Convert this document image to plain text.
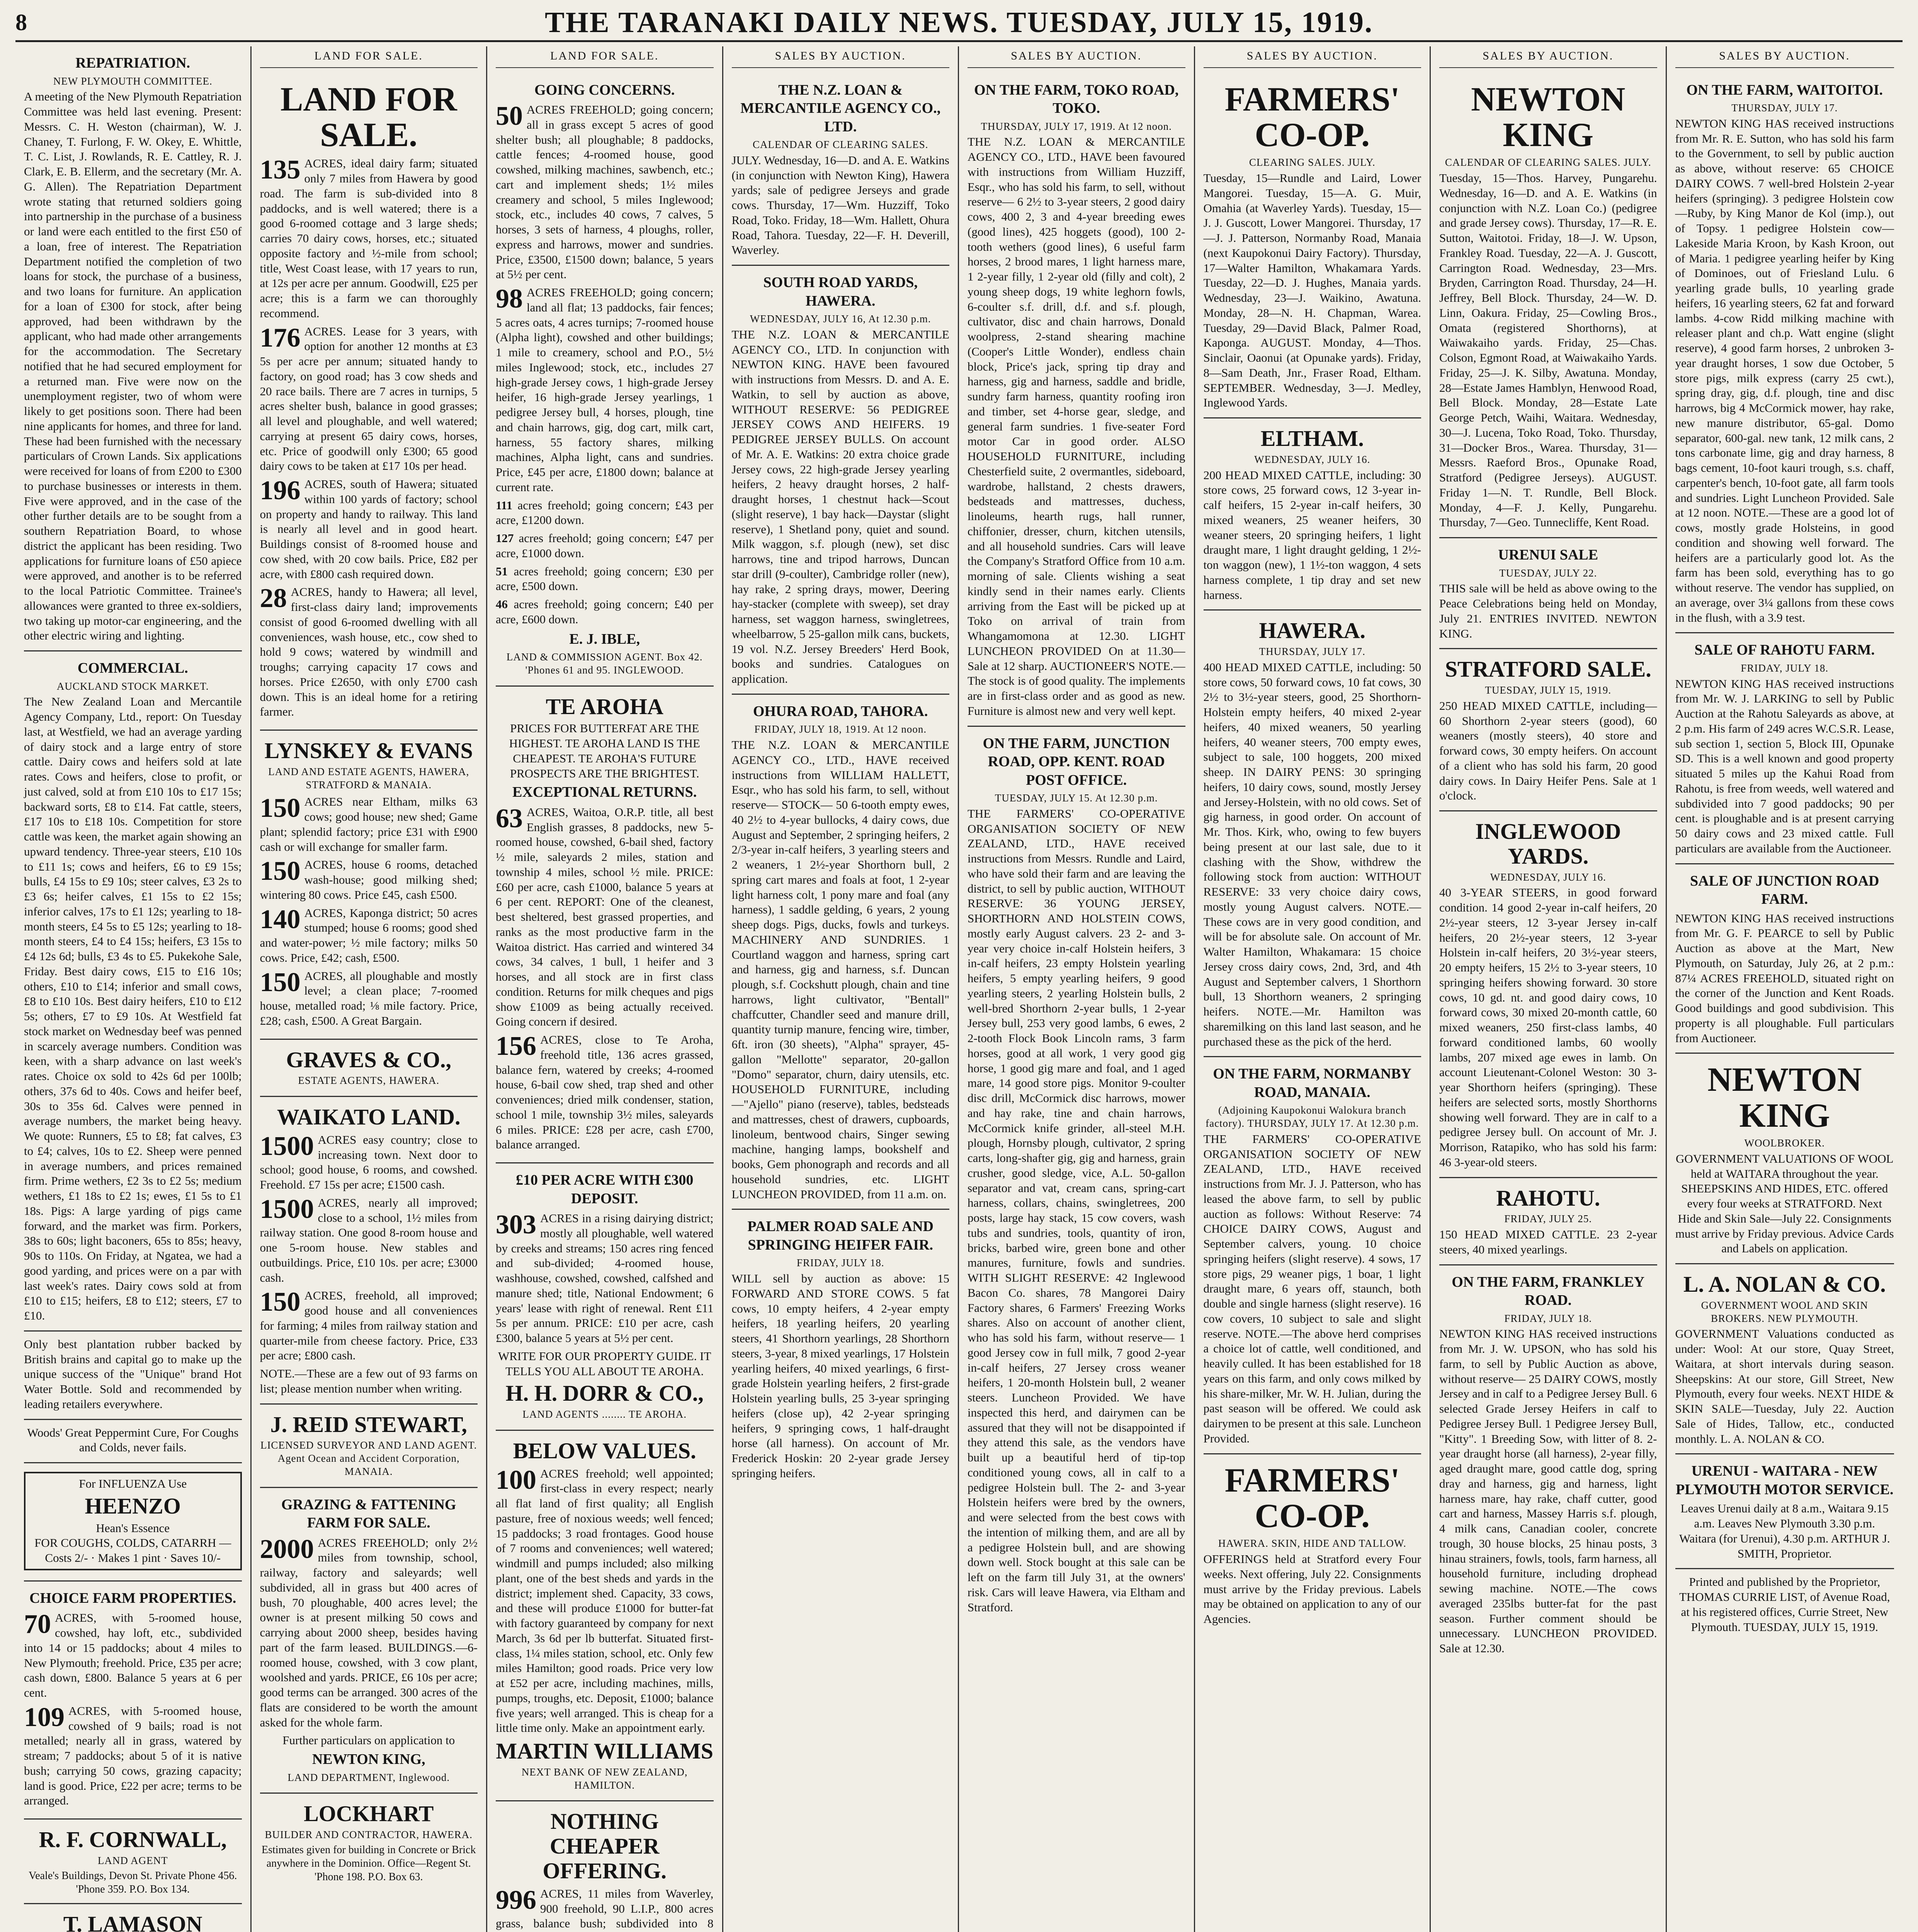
8	THE TARANAKI DAILY NEWS. TUESDAY, JULY 15, 1919.
REPATRIATION.
NEW PLYMOUTH COMMITTEE.
A meeting of the New Plymouth Repatriation Committee was held last evening. Present: Messrs. C. H. Weston (chairman), W. J. Chaney, T. Furlong, F. W. Okey, E. Whittle, T. C. List, J. Rowlands, R. E. Cattley, R. J. Clark, E. B. Ellerm, and the secretary (Mr. A. G. Allen). The Repatriation Department wrote stating that returned soldiers going into partnership in the purchase of a business or land were each entitled to the first £50 of a loan, free of interest. The Repatriation Department notified the completion of two loans for stock, the purchase of a business, and two loans for furniture. An application for a loan of £300 for stock, after being approved, had been withdrawn by the applicant, who had made other arrangements for the accommodation. The Secretary notified that he had secured employment for a returned man. Five were now on the unemployment register, two of whom were likely to get positions soon. There had been nine applicants for homes, and three for land. These had been furnished with the necessary particulars of Crown Lands. Six applications were received for loans of from £200 to £300 to purchase businesses or interests in them. Five were approved, and in the case of the other further details are to be sought from a southern Repatriation Board, to whose district the applicant has been residing. Two applications for furniture loans of £50 apiece were approved, and another is to be referred to the local Patriotic Committee. Trainee's allowances were granted to three ex-soldiers, two taking up motor-car engineering, and the other electric wiring and lighting.
COMMERCIAL.
AUCKLAND STOCK MARKET.
The New Zealand Loan and Mercantile Agency Company, Ltd., report: On Tuesday last, at Westfield, we had an average yarding of dairy stock and a large entry of store cattle. Dairy cows and heifers sold at late rates. Cows and heifers, close to profit, or just calved, sold at from £10 10s to £17 15s; backward sorts, £8 to £14. Fat cattle, steers, £17 10s to £18 10s. Competition for store cattle was keen, the market again showing an upward tendency. Three-year steers, £10 10s to £11 1s; cows and heifers, £6 to £9 15s; bulls, £4 15s to £9 10s; steer calves, £3 2s to £3 6s; heifer calves, £1 15s to £2 15s; inferior calves, 17s to £1 12s; yearling to 18-month steers, £4 5s to £5 12s; yearling to 18-month steers, £4 to £4 15s; heifers, £3 15s to £4 12s 6d; bulls, £3 4s to £5. Pukekohe Sale, Friday. Best dairy cows, £15 to £16 10s; others, £10 to £14; inferior and small cows, £8 to £10 10s. Best dairy heifers, £10 to £12 5s; others, £7 to £9 10s. At Westfield fat stock market on Wednesday beef was penned in scarcely average numbers. Condition was keen, with a sharp advance on last week's rates. Choice ox sold to 42s 6d per 100lb; others, 37s 6d to 40s. Cows and heifer beef, 30s to 35s 6d. Calves were penned in average numbers, the market being heavy. We quote: Runners, £5 to £8; fat calves, £3 to £4; calves, 10s to £2. Sheep were penned in average numbers, and prices remained firm. Prime wethers, £2 3s to £2 5s; medium wethers, £1 18s to £2 1s; ewes, £1 5s to £1 18s. Pigs: A large yarding of pigs came forward, and the market was firm. Porkers, 38s to 60s; light baconers, 65s to 85s; heavy, 90s to 110s. On Friday, at Ngatea, we had a good yarding, and prices were on a par with last week's rates. Dairy cows sold at from £10 to £15; heifers, £8 to £12; steers, £7 to £10.
Only best plantation rubber backed by British brains and capital go to make up the unique success of the "Unique" brand Hot Water Bottle. Sold and recommended by leading retailers everywhere.
Woods' Great Peppermint Cure, For Coughs and Colds, never fails.
For INFLUENZA Use
HEENZO
Hean's Essence
FOR COUGHS, COLDS, CATARRH — Costs 2/- · Makes 1 pint · Saves 10/-
CHOICE FARM PROPERTIES.
70 ACRES, with 5-roomed house, cowshed, hay loft, etc., subdivided into 14 or 15 paddocks; about 4 miles to New Plymouth; freehold. Price, £35 per acre; cash down, £800. Balance 5 years at 6 per cent.
109 ACRES, with 5-roomed house, cowshed of 9 bails; road is not metalled; nearly all in grass, watered by stream; 7 paddocks; about 5 of it is native bush; carrying 50 cows, grazing capacity; land is good. Price, £22 per acre; terms to be arranged.
R. F. CORNWALL,
LAND AGENT
Veale's Buildings, Devon St. Private Phone 456. 'Phone 359. P.O. Box 134.
T. LAMASON
LAND FOR SALE.
LAND FOR SALE.
135 ACRES, ideal dairy farm; situated only 7 miles from Hawera by good road. The farm is sub-divided into 8 paddocks, and is well watered; there is a good 6-roomed cottage and 3 large sheds; carries 70 dairy cows, horses, etc.; situated opposite factory and ½-mile from school; title, West Coast lease, with 17 years to run, at 12s per acre per annum. Goodwill, £25 per acre; this is a farm we can thoroughly recommend.
176 ACRES. Lease for 3 years, with option for another 12 months at £3 5s per acre per annum; situated handy to factory, on good road; has 3 cow sheds and 20 race bails. There are 7 acres in turnips, 5 acres shelter bush, balance in good grasses; all level and ploughable, and well watered; carrying at present 65 dairy cows, horses, etc. Price of goodwill only £300; 65 good dairy cows to be taken at £17 10s per head.
196 ACRES, south of Hawera; situated within 100 yards of factory; school on property and handy to railway. This land is nearly all level and in good heart. Buildings consist of 8-roomed house and cow shed, with 20 cow bails. Price, £82 per acre, with £800 cash required down.
28 ACRES, handy to Hawera; all level, first-class dairy land; improvements consist of good 6-roomed dwelling with all conveniences, wash house, etc., cow shed to hold 9 cows; watered by windmill and troughs; carrying capacity 17 cows and horses. Price £2650, with only £700 cash down. This is an ideal home for a retiring farmer.
LYNSKEY & EVANS
LAND AND ESTATE AGENTS, HAWERA, STRATFORD & MANAIA.
150 ACRES near Eltham, milks 63 cows; good house; new shed; Game plant; splendid factory; price £31 with £900 cash or will exchange for smaller farm.
150 ACRES, house 6 rooms, detached wash-house; good milking shed; wintering 80 cows. Price £45, cash £500.
140 ACRES, Kaponga district; 50 acres stumped; house 6 rooms; good shed and water-power; ½ mile factory; milks 50 cows. Price, £42; cash, £500.
150 ACRES, all ploughable and mostly level; a clean place; 7-roomed house, metalled road; ⅛ mile factory. Price, £28; cash, £500. A Great Bargain.
GRAVES & CO.,
ESTATE AGENTS, HAWERA.
WAIKATO LAND.
1500 ACRES easy country; close to increasing town. Next door to school; good house, 6 rooms, and cowshed. Freehold. £7 15s per acre; £1500 cash.
1500 ACRES, nearly all improved; close to a school, 1½ miles from railway station. One good 8-room house and one 5-room house. New stables and outbuildings. Price, £10 10s. per acre; £3000 cash.
150 ACRES, freehold, all improved; good house and all conveniences for farming; 4 miles from railway station and quarter-mile from cheese factory. Price, £33 per acre; £800 cash.
NOTE.—These are a few out of 93 farms on list; please mention number when writing.
J. REID STEWART,
LICENSED SURVEYOR AND LAND AGENT. Agent Ocean and Accident Corporation, MANAIA.
GRAZING & FATTENING FARM FOR SALE.
2000 ACRES FREEHOLD; only 2½ miles from township, school, railway, factory and saleyards; well subdivided, all in grass but 400 acres of bush, 70 ploughable, 400 acres level; the owner is at present milking 50 cows and carrying about 2000 sheep, besides having part of the farm leased. BUILDINGS.—6-roomed house, cowshed, with 3 cow plant, woolshed and yards. PRICE, £6 10s per acre; good terms can be arranged. 300 acres of the flats are considered to be worth the amount asked for the whole farm.
Further particulars on application to
NEWTON KING,
LAND DEPARTMENT, Inglewood.
LOCKHART
BUILDER AND CONTRACTOR, HAWERA.
Estimates given for building in Concrete or Brick anywhere in the Dominion. Office—Regent St. 'Phone 198. P.O. Box 63.
LAND FOR SALE.
GOING CONCERNS.
50 ACRES FREEHOLD; going concern; all in grass except 5 acres of good shelter bush; all ploughable; 8 paddocks, cattle fences; 4-roomed house, good cowshed, milking machines, sawbench, etc.; cart and implement sheds; 1½ miles creamery and school, 5 miles Inglewood; stock, etc., includes 40 cows, 7 calves, 5 horses, 3 sets of harness, 4 ploughs, roller, express and harrows, mower and sundries. Price, £3500, £1500 down; balance, 5 years at 5½ per cent.
98 ACRES FREEHOLD; going concern; land all flat; 13 paddocks, fair fences; 5 acres oats, 4 acres turnips; 7-roomed house (Alpha light), cowshed and other buildings; 1 mile to creamery, school and P.O., 5½ miles Inglewood; stock, etc., includes 27 high-grade Jersey cows, 1 high-grade Jersey heifer, 16 high-grade Jersey yearlings, 1 pedigree Jersey bull, 4 horses, plough, tine and chain harrows, gig, dog cart, milk cart, harness, 55 factory shares, milking machines, Alpha light, cans and sundries. Price, £45 per acre, £1800 down; balance at current rate.
111 acres freehold; going concern; £43 per acre, £1200 down.
127 acres freehold; going concern; £47 per acre, £1000 down.
51 acres freehold; going concern; £30 per acre, £500 down.
46 acres freehold; going concern; £40 per acre, £600 down.
E. J. IBLE,
LAND & COMMISSION AGENT. Box 42. 'Phones 61 and 95. INGLEWOOD.
TE AROHA
PRICES FOR BUTTERFAT ARE THE HIGHEST. TE AROHA LAND IS THE CHEAPEST. TE AROHA'S FUTURE PROSPECTS ARE THE BRIGHTEST.
EXCEPTIONAL RETURNS.
63 ACRES, Waitoa, O.R.P. title, all best English grasses, 8 paddocks, new 5-roomed house, cowshed, 6-bail shed, factory ½ mile, saleyards 2 miles, station and township 4 miles, school ½ mile. PRICE: £60 per acre, cash £1000, balance 5 years at 6 per cent. REPORT: One of the cleanest, best sheltered, best grassed properties, and ranks as the most productive farm in the Waitoa district. Has carried and wintered 34 cows, 34 calves, 1 bull, 1 heifer and 3 horses, and all stock are in first class condition. Returns for milk cheques and pigs show £1009 as being actually received. Going concern if desired.
156 ACRES, close to Te Aroha, freehold title, 136 acres grassed, balance fern, watered by creeks; 4-roomed house, 6-bail cow shed, trap shed and other conveniences; dried milk condenser, station, school 1 mile, township 3½ miles, saleyards 6 miles. PRICE: £28 per acre, cash £700, balance arranged.
£10 PER ACRE WITH £300 DEPOSIT.
303 ACRES in a rising dairying district; mostly all ploughable, well watered by creeks and streams; 150 acres ring fenced and sub-divided; 4-roomed house, washhouse, cowshed, cowshed, calfshed and manure shed; title, National Endowment; 6 years' lease with right of renewal. Rent £11 5s per annum. PRICE: £10 per acre, cash £300, balance 5 years at 5½ per cent.
WRITE FOR OUR PROPERTY GUIDE. IT TELLS YOU ALL ABOUT TE AROHA.
H. H. DORR & CO.,
LAND AGENTS ........ TE AROHA.
BELOW VALUES.
100 ACRES freehold; well appointed; first-class in every respect; nearly all flat land of first quality; all English pasture, free of noxious weeds; well fenced; 15 paddocks; 3 road frontages. Good house of 7 rooms and conveniences; well watered; windmill and pumps included; also milking plant, one of the best sheds and yards in the district; implement shed. Capacity, 33 cows, and these will produce £1000 for butter-fat with factory guaranteed by company for next March, 3s 6d per lb butterfat. Situated first-class, 1¼ miles station, school, etc. Only few miles Hamilton; good roads. Price very low at £52 per acre, including machines, mills, pumps, troughs, etc. Deposit, £1000; balance five years; well arranged. This is cheap for a little time only. Make an appointment early.
MARTIN WILLIAMS
NEXT BANK OF NEW ZEALAND, HAMILTON.
NOTHING CHEAPER OFFERING.
996 ACRES, 11 miles from Waverley, 900 freehold, 90 L.I.P., 800 acres grass, balance bush; subdivided into 8
SALES BY AUCTION.
THE N.Z. LOAN & MERCANTILE AGENCY CO., LTD.
CALENDAR OF CLEARING SALES.
JULY. Wednesday, 16—D. and A. E. Watkins (in conjunction with Newton King), Hawera yards; sale of pedigree Jerseys and grade cows. Thursday, 17—Wm. Huzziff, Toko Road, Toko. Friday, 18—Wm. Hallett, Ohura Road, Tahora. Tuesday, 22—F. H. Deverill, Waverley.
SOUTH ROAD YARDS, HAWERA.
WEDNESDAY, JULY 16, At 12.30 p.m.
THE N.Z. LOAN & MERCANTILE AGENCY CO., LTD. In conjunction with NEWTON KING. HAVE been favoured with instructions from Messrs. D. and A. E. Watkin, to sell by auction as above, WITHOUT RESERVE: 56 PEDIGREE JERSEY COWS AND HEIFERS. 19 PEDIGREE JERSEY BULLS. On account of Mr. A. E. Watkins: 20 extra choice grade Jersey cows, 22 high-grade Jersey yearling heifers, 2 heavy draught horses, 2 half-draught horses, 1 chestnut hack—Scout (slight reserve), 1 bay hack—Daystar (slight reserve), 1 Shetland pony, quiet and sound. Milk waggon, s.f. plough (new), set disc harrows, tine and tripod harrows, Duncan star drill (9-coulter), Cambridge roller (new), hay rake, 2 spring drays, mower, Deering hay-stacker (complete with sweep), set dray harness, set waggon harness, swingletrees, wheelbarrow, 5 25-gallon milk cans, buckets, 19 vol. N.Z. Jersey Breeders' Herd Book, books and sundries. Catalogues on application.
OHURA ROAD, TAHORA.
FRIDAY, JULY 18, 1919. At 12 noon.
THE N.Z. LOAN & MERCANTILE AGENCY CO., LTD., HAVE received instructions from WILLIAM HALLETT, Esqr., who has sold his farm, to sell, without reserve— STOCK— 50 6-tooth empty ewes, 40 2½ to 4-year bullocks, 4 dairy cows, due August and September, 2 springing heifers, 2 2/3-year in-calf heifers, 3 yearling steers and 2 weaners, 1 2½-year Shorthorn bull, 2 spring cart mares and foals at foot, 1 2-year light harness colt, 1 pony mare and foal (any harness), 1 saddle gelding, 6 years, 2 young sheep dogs. Pigs, ducks, fowls and turkeys. MACHINERY AND SUNDRIES. 1 Courtland waggon and harness, spring cart and harness, gig and harness, s.f. Duncan plough, s.f. Cockshutt plough, chain and tine harrows, light cultivator, "Bentall" chaffcutter, Chandler seed and manure drill, quantity turnip manure, fencing wire, timber, 6ft. iron (30 sheets), "Alpha" sprayer, 45-gallon "Mellotte" separator, 20-gallon "Domo" separator, churn, dairy utensils, etc. HOUSEHOLD FURNITURE, including—"Ajello" piano (reserve), tables, bedsteads and mattresses, chest of drawers, cupboards, linoleum, bentwood chairs, Singer sewing machine, hanging lamps, bookshelf and books, Gem phonograph and records and all household sundries, etc. LIGHT LUNCHEON PROVIDED, from 11 a.m. on.
PALMER ROAD SALE AND SPRINGING HEIFER FAIR.
FRIDAY, JULY 18.
WILL sell by auction as above: 15 FORWARD AND STORE COWS. 5 fat cows, 10 empty heifers, 4 2-year empty heifers, 18 yearling heifers, 20 yearling steers, 41 Shorthorn yearlings, 28 Shorthorn steers, 3-year, 8 mixed yearlings, 17 Holstein yearling heifers, 40 mixed yearlings, 6 first-grade Holstein yearling heifers, 2 first-grade Holstein yearling bulls, 25 3-year springing heifers (close up), 42 2-year springing heifers, 9 springing cows, 1 half-draught horse (all harness). On account of Mr. Frederick Hoskin: 20 2-year grade Jersey springing heifers.
SALES BY AUCTION.
ON THE FARM, TOKO ROAD, TOKO.
THURSDAY, JULY 17, 1919. At 12 noon.
THE N.Z. LOAN & MERCANTILE AGENCY CO., LTD., HAVE been favoured with instructions from William Huzziff, Esqr., who has sold his farm, to sell, without reserve— 6 2½ to 3-year steers, 2 good dairy cows, 400 2, 3 and 4-year breeding ewes (good lines), 425 hoggets (good), 100 2-tooth wethers (good lines), 6 useful farm horses, 2 brood mares, 1 light harness mare, 1 2-year filly, 1 2-year old (filly and colt), 2 young sheep dogs, 19 white leghorn fowls, 6-coulter s.f. drill, d.f. and s.f. plough, cultivator, disc and chain harrows, Donald woolpress, 2-stand shearing machine (Cooper's Little Wonder), endless chain block, Price's jack, spring tip dray and harness, gig and harness, saddle and bridle, sundry farm harness, quantity roofing iron and timber, set 4-horse gear, sledge, and general farm sundries. 1 five-seater Ford motor Car in good order. ALSO HOUSEHOLD FURNITURE, including Chesterfield suite, 2 overmantles, sideboard, wardrobe, hallstand, 2 chests drawers, bedsteads and mattresses, duchess, linoleums, hearth rugs, hall runner, chiffonier, dresser, churn, kitchen utensils, and all household sundries. Cars will leave the Company's Stratford Office from 10 a.m. morning of sale. Clients wishing a seat kindly send in their names early. Clients arriving from the East will be picked up at Toko on arrival of train from Whangamomona at 12.30. LIGHT LUNCHEON PROVIDED On at 11.30—Sale at 12 sharp. AUCTIONEER'S NOTE.—The stock is of good quality. The implements are in first-class order and as good as new. Furniture is almost new and very well kept.
ON THE FARM, JUNCTION ROAD, OPP. KENT. ROAD POST OFFICE.
TUESDAY, JULY 15. At 12.30 p.m.
THE FARMERS' CO-OPERATIVE ORGANISATION SOCIETY OF NEW ZEALAND, LTD., HAVE received instructions from Messrs. Rundle and Laird, who have sold their farm and are leaving the district, to sell by public auction, WITHOUT RESERVE: 36 YOUNG JERSEY, SHORTHORN AND HOLSTEIN COWS, mostly early August calvers. 23 2- and 3-year very choice in-calf Holstein heifers, 3 in-calf heifers, 23 empty Holstein yearling heifers, 5 empty yearling heifers, 9 good yearling steers, 2 yearling Holstein bulls, 2 well-bred Shorthorn 2-year bulls, 1 2-year Jersey bull, 253 very good lambs, 6 ewes, 2 2-tooth Flock Book Lincoln rams, 3 farm horses, good at all work, 1 very good gig horse, 1 good gig mare and foal, and 1 aged mare, 14 good store pigs. Monitor 9-coulter disc drill, McCormick disc harrows, mower and hay rake, tine and chain harrows, McCormick knife grinder, all-steel M.H. plough, Hornsby plough, cultivator, 2 spring carts, long-shafter gig, gig and harness, grain crusher, good sledge, vice, A.L. 50-gallon separator and vat, cream cans, spring-cart harness, collars, chains, swingletrees, 200 posts, large hay stack, 15 cow covers, wash tubs and sundries, tools, quantity of iron, bricks, barbed wire, green bone and other manures, furniture, fowls and sundries. WITH SLIGHT RESERVE: 42 Inglewood Bacon Co. shares, 78 Mangorei Dairy Factory shares, 6 Farmers' Freezing Works shares. Also on account of another client, who has sold his farm, without reserve— 1 good Jersey cow in full milk, 7 good 2-year in-calf heifers, 27 Jersey cross weaner heifers, 1 20-month Holstein bull, 2 weaner steers. Luncheon Provided. We have inspected this herd, and dairymen can be assured that they will not be disappointed if they attend this sale, as the vendors have built up a beautiful herd of tip-top conditioned young cows, all in calf to a pedigree Holstein bull. The 2- and 3-year Holstein heifers were bred by the owners, and were selected from the best cows with the intention of milking them, and are all by a pedigree Holstein bull, and are showing down well. Stock bought at this sale can be left on the farm till July 31, at the owners' risk. Cars will leave Hawera, via Eltham and Stratford.
SALES BY AUCTION.
FARMERS' CO-OP.
CLEARING SALES. JULY.
Tuesday, 15—Rundle and Laird, Lower Mangorei. Tuesday, 15—A. G. Muir, Omahia (at Waverley Yards). Tuesday, 15—J. J. Guscott, Lower Mangorei. Thursday, 17—J. J. Patterson, Normanby Road, Manaia (next Kaupokonui Dairy Factory). Thursday, 17—Walter Hamilton, Whakamara Yards. Tuesday, 22—D. J. Hughes, Manaia yards. Wednesday, 23—J. Waikino, Awatuna. Monday, 28—N. H. Chapman, Warea. Tuesday, 29—David Black, Palmer Road, Kaponga. AUGUST. Monday, 4—Thos. Sinclair, Oaonui (at Opunake yards). Friday, 8—Sam Death, Jnr., Fraser Road, Eltham. SEPTEMBER. Wednesday, 3—J. Medley, Inglewood Yards.
ELTHAM.
WEDNESDAY, JULY 16.
200 HEAD MIXED CATTLE, including: 30 store cows, 25 forward cows, 12 3-year in-calf heifers, 15 2-year in-calf heifers, 30 mixed weaners, 25 weaner heifers, 30 weaner steers, 20 springing heifers, 1 light draught mare, 1 light draught gelding, 1 2½-ton waggon (new), 1 1½-ton waggon, 4 sets harness complete, 1 tip dray and set new harness.
HAWERA.
THURSDAY, JULY 17.
400 HEAD MIXED CATTLE, including: 50 store cows, 50 forward cows, 10 fat cows, 30 2½ to 3½-year steers, good, 25 Shorthorn-Holstein empty heifers, 40 mixed 2-year heifers, 40 mixed weaners, 50 yearling heifers, 40 weaner steers, 700 empty ewes, subject to sale, 100 hoggets, 200 mixed sheep. IN DAIRY PENS: 30 springing heifers, 10 dairy cows, sound, mostly Jersey and Jersey-Holstein, with no old cows. Set of gig harness, in good order. On account of Mr. Thos. Kirk, who, owing to few buyers being present at our last sale, due to it clashing with the Show, withdrew the following stock from auction: WITHOUT RESERVE: 33 very choice dairy cows, mostly young August calvers. NOTE.—These cows are in very good condition, and will be for absolute sale. On account of Mr. Walter Hamilton, Whakamara: 15 choice Jersey cross dairy cows, 2nd, 3rd, and 4th August and September calvers, 1 Shorthorn bull, 13 Shorthorn weaners, 2 springing heifers. NOTE.—Mr. Hamilton was sharemilking on this land last season, and he purchased these as the pick of the herd.
ON THE FARM, NORMANBY ROAD, MANAIA.
(Adjoining Kaupokonui Walokura branch factory). THURSDAY, JULY 17. At 12.30 p.m.
THE FARMERS' CO-OPERATIVE ORGANISATION SOCIETY OF NEW ZEALAND, LTD., HAVE received instructions from Mr. J. J. Patterson, who has leased the above farm, to sell by public auction as follows: Without Reserve: 74 CHOICE DAIRY COWS, August and September calvers, young. 10 choice springing heifers (slight reserve). 4 sows, 17 store pigs, 29 weaner pigs, 1 boar, 1 light draught mare, 6 years off, staunch, both double and single harness (slight reserve). 16 cow covers, 10 subject to sale and slight reserve. NOTE.—The above herd comprises a choice lot of cattle, well conditioned, and heavily culled. It has been established for 18 years on this farm, and only cows milked by his share-milker, Mr. W. H. Julian, during the past season will be offered. We could ask dairymen to be present at this sale. Luncheon Provided.
FARMERS' CO-OP.
HAWERA. SKIN, HIDE AND TALLOW.
OFFERINGS held at Stratford every Four weeks. Next offering, July 22. Consignments must arrive by the Friday previous. Labels may be obtained on application to any of our Agencies.
SALES BY AUCTION.
NEWTON KING
CALENDAR OF CLEARING SALES. JULY.
Tuesday, 15—Thos. Harvey, Pungarehu. Wednesday, 16—D. and A. E. Watkins (in conjunction with N.Z. Loan Co.) (pedigree and grade Jersey cows). Thursday, 17—R. E. Sutton, Waitotoi. Friday, 18—J. W. Upson, Frankley Road. Tuesday, 22—A. J. Guscott, Carrington Road. Wednesday, 23—Mrs. Bryden, Carrington Road. Thursday, 24—H. Jeffrey, Bell Block. Thursday, 24—W. D. Linn, Oakura. Friday, 25—Cowling Bros., Omata (registered Shorthorns), at Waiwakaiho yards. Friday, 25—Chas. Colson, Egmont Road, at Waiwakaiho Yards. Friday, 25—J. K. Silby, Awatuna. Monday, 28—Estate James Hamblyn, Henwood Road, Bell Block. Monday, 28—Estate Late George Petch, Waihi, Waitara. Wednesday, 30—J. Lucena, Toko Road, Toko. Thursday, 31—Docker Bros., Warea. Thursday, 31—Messrs. Raeford Bros., Opunake Road, Stratford (Pedigree Jerseys). AUGUST. Friday 1—N. T. Rundle, Bell Block. Monday, 4—F. J. Kelly, Pungarehu. Thursday, 7—Geo. Tunnecliffe, Kent Road.
URENUI SALE
TUESDAY, JULY 22.
THIS sale will be held as above owing to the Peace Celebrations being held on Monday, July 21. ENTRIES INVITED. NEWTON KING.
STRATFORD SALE.
TUESDAY, JULY 15, 1919.
250 HEAD MIXED CATTLE, including— 60 Shorthorn 2-year steers (good), 60 weaners (mostly steers), 40 store and forward cows, 30 empty heifers. On account of a client who has sold his farm, 20 good dairy cows. In Dairy Heifer Pens. Sale at 1 o'clock.
INGLEWOOD YARDS.
WEDNESDAY, JULY 16.
40 3-YEAR STEERS, in good forward condition. 14 good 2-year in-calf heifers, 20 2½-year steers, 12 3-year Jersey in-calf heifers, 20 2½-year steers, 12 3-year Holstein in-calf heifers, 20 3½-year steers, 20 empty heifers, 15 2½ to 3-year steers, 10 springing heifers showing forward. 30 store cows, 10 gd. nt. and good dairy cows, 10 forward cows, 30 mixed 20-month cattle, 60 mixed weaners, 250 first-class lambs, 40 forward conditioned lambs, 60 woolly lambs, 207 mixed age ewes in lamb. On account Lieutenant-Colonel Weston: 30 3-year Shorthorn heifers (springing). These heifers are selected sorts, mostly Shorthorns showing well forward. They are in calf to a pedigree Jersey bull. On account of Mr. J. Morrison, Ratapiko, who has sold his farm: 46 3-year-old steers.
RAHOTU.
FRIDAY, JULY 25.
150 HEAD MIXED CATTLE. 23 2-year steers, 40 mixed yearlings.
ON THE FARM, FRANKLEY ROAD.
FRIDAY, JULY 18.
NEWTON KING HAS received instructions from Mr. J. W. UPSON, who has sold his farm, to sell by Public Auction as above, without reserve— 25 DAIRY COWS, mostly Jersey and in calf to a Pedigree Jersey Bull. 6 selected Grade Jersey Heifers in calf to Pedigree Jersey Bull. 1 Pedigree Jersey Bull, "Kitty". 1 Breeding Sow, with litter of 8. 2-year draught horse (all harness), 2-year filly, aged draught mare, good cattle dog, spring dray and harness, gig and harness, light harness mare, hay rake, chaff cutter, good cart and harness, Massey Harris s.f. plough, 4 milk cans, Canadian cooler, concrete trough, 30 house blocks, 25 hinau posts, 3 hinau strainers, fowls, tools, farm harness, all household furniture, including drophead sewing machine. NOTE.—The cows averaged 235lbs butter-fat for the past season. Further comment should be unnecessary. LUNCHEON PROVIDED. Sale at 12.30.
SALES BY AUCTION.
ON THE FARM, WAITOITOI.
THURSDAY, JULY 17.
NEWTON KING HAS received instructions from Mr. R. E. Sutton, who has sold his farm to the Government, to sell by public auction as above, without reserve: 65 CHOICE DAIRY COWS. 7 well-bred Holstein 2-year heifers (springing). 3 pedigree Holstein cow—Ruby, by King Manor de Kol (imp.), out of Topsy. 1 pedigree Holstein cow—Lakeside Maria Kroon, by Kash Kroon, out of Maria. 1 pedigree yearling heifer by King of Dominoes, out of Friesland Lulu. 6 yearling grade bulls, 10 yearling grade heifers, 16 yearling steers, 62 fat and forward lambs. 4-cow Ridd milking machine with releaser plant and ch.p. Watt engine (slight reserve), 4 good farm horses, 2 unbroken 3-year draught horses, 1 sow due October, 5 store pigs, milk express (carry 25 cwt.), spring dray, gig, d.f. plough, tine and disc harrows, big 4 McCormick mower, hay rake, new manure distributor, 65-gal. Domo separator, 600-gal. new tank, 12 milk cans, 2 tons carbonate lime, gig and dray harness, 8 bags cement, 10-foot kauri trough, s.s. chaff, carpenter's bench, 10-foot gate, all farm tools and sundries. Light Luncheon Provided. Sale at 12 noon. NOTE.—These are a good lot of cows, mostly grade Holsteins, in good condition and showing well forward. The heifers are a particularly good lot. As the farm has been sold, everything has to go without reserve. The vendor has supplied, on an average, over 3¼ gallons from these cows in the flush, with a 3.9 test.
SALE OF RAHOTU FARM.
FRIDAY, JULY 18.
NEWTON KING HAS received instructions from Mr. W. J. LARKING to sell by Public Auction at the Rahotu Saleyards as above, at 2 p.m. His farm of 249 acres W.C.S.R. Lease, sub section 1, section 5, Block III, Opunake SD. This is a well known and good property situated 5 miles up the Kahui Road from Rahotu, is free from weeds, well watered and subdivided into 7 good paddocks; 90 per cent. is ploughable and is at present carrying 50 dairy cows and 23 mixed cattle. Full particulars are available from the Auctioneer.
SALE OF JUNCTION ROAD FARM.
NEWTON KING HAS received instructions from Mr. G. F. PEARCE to sell by Public Auction as above at the Mart, New Plymouth, on Saturday, July 26, at 2 p.m.: 87¼ ACRES FREEHOLD, situated right on the corner of the Junction and Kent Roads. Good buildings and good subdivision. This property is all ploughable. Full particulars from Auctioneer.
NEWTON KING
WOOLBROKER.
GOVERNMENT VALUATIONS OF WOOL held at WAITARA throughout the year. SHEEPSKINS AND HIDES, ETC. offered every four weeks at STRATFORD. Next Hide and Skin Sale—July 22. Consignments must arrive by Friday previous. Advice Cards and Labels on application.
L. A. NOLAN & CO.
GOVERNMENT WOOL AND SKIN BROKERS. NEW PLYMOUTH.
GOVERNMENT Valuations conducted as under: Wool: At our store, Quay Street, Waitara, at short intervals during season. Sheepskins: At our store, Gill Street, New Plymouth, every four weeks. NEXT HIDE & SKIN SALE—Tuesday, July 22. Auction Sale of Hides, Tallow, etc., conducted monthly. L. A. NOLAN & CO.
URENUI - WAITARA - NEW PLYMOUTH MOTOR SERVICE.
Leaves Urenui daily at 8 a.m., Waitara 9.15 a.m. Leaves New Plymouth 3.30 p.m. Waitara (for Urenui), 4.30 p.m. ARTHUR J. SMITH, Proprietor.
Printed and published by the Proprietor, THOMAS CURRIE LIST, of Avenue Road, at his registered offices, Currie Street, New Plymouth. TUESDAY, JULY 15, 1919.
